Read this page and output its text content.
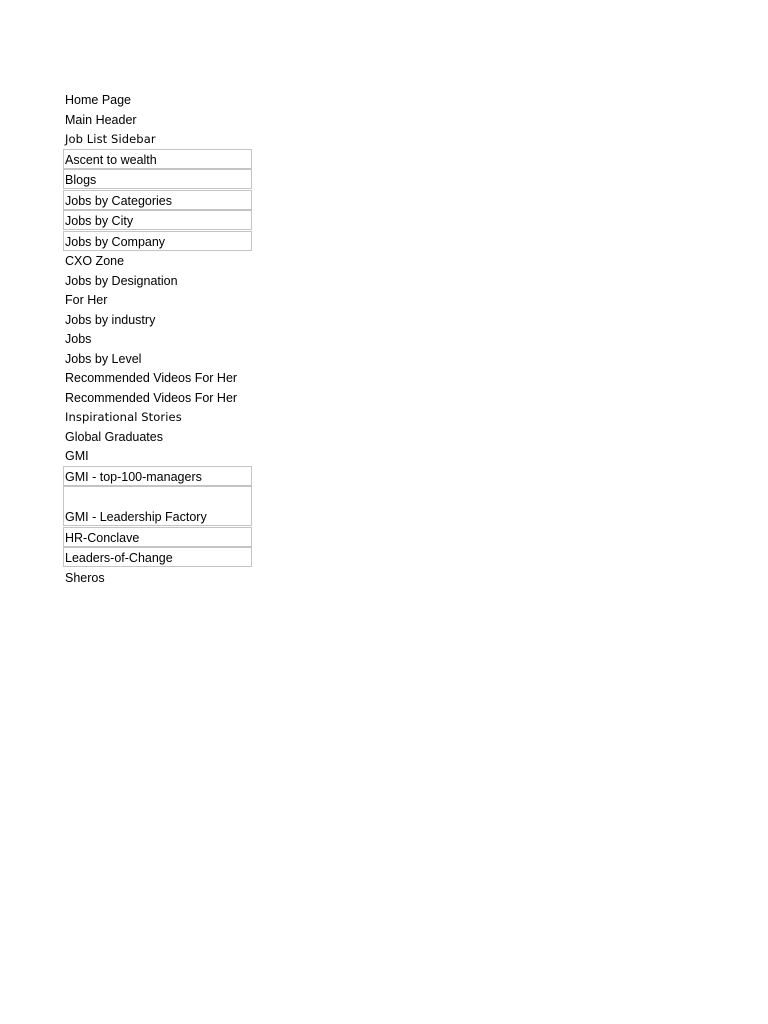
Home Page
Main Header
Job List Sidebar
Ascent to wealth
Blogs
Jobs by Categories
Jobs by City
Jobs by Company
CXO Zone
Jobs by Designation
For Her
Jobs by industry
Jobs
Jobs by Level
Recommended Videos For Her
Recommended Videos For Her
Inspirational Stories
Global Graduates
GMI
GMI - top-100-managers
GMI - Leadership Factory
HR-Conclave
Leaders-of-Change
Sheros
